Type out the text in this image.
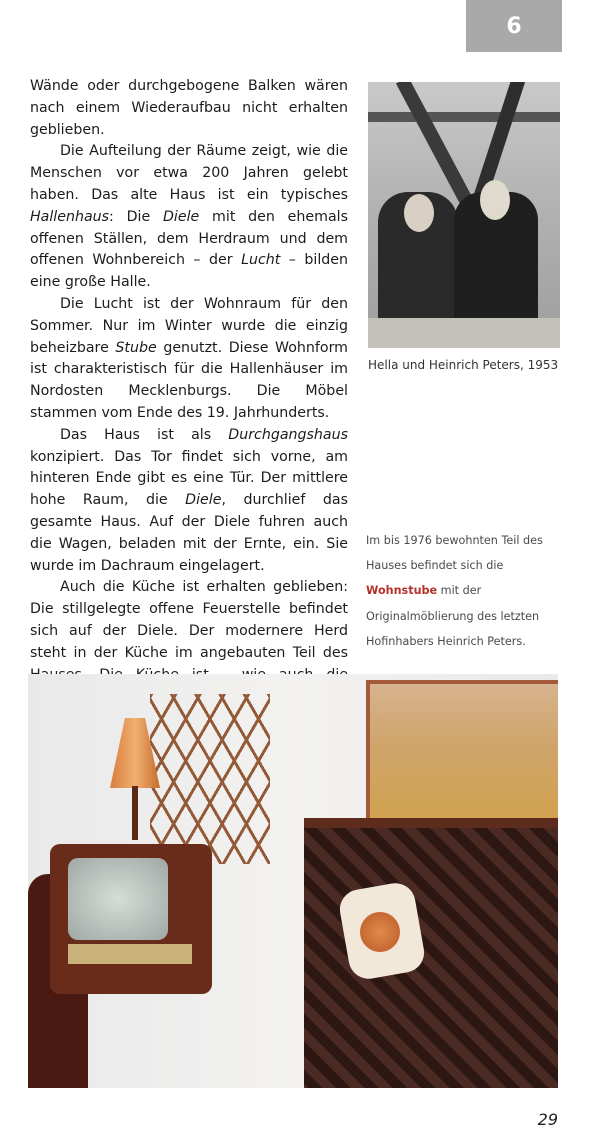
6

Wände oder durchgebogene Balken wären nach einem Wiederaufbau nicht erhalten geblieben.

Die Aufteilung der Räume zeigt, wie die Menschen vor etwa 200 Jahren gelebt haben. Das alte Haus ist ein typisches Hallenhaus: Die Diele mit den ehemals offenen Ställen, dem Herdraum und dem offenen Wohnbereich – der Lucht – bilden eine große Halle.

Die Lucht ist der Wohnraum für den Sommer. Nur im Winter wurde die einzig beheizbare Stube genutzt. Diese Wohnform ist charakteristisch für die Hallenhäuser im Nordosten Mecklenburgs. Die Möbel stammen vom Ende des 19. Jahrhunderts.

Das Haus ist als Durchgangshaus konzipiert. Das Tor findet sich vorne, am hinteren Ende gibt es eine Tür. Der mittlere hohe Raum, die Diele, durchlief das gesamte Haus. Auf der Diele fuhren auch die Wagen, beladen mit der Ernte, ein. Sie wurde im Dachraum eingelagert.

Auch die Küche ist erhalten geblieben: Die stillgelegte offene Feuerstelle befindet sich auf der Diele. Der modernere Herd steht in der Küche im angebauten Teil des

Hella und Heinrich Peters, 1953
Im bis 1976 bewohnten Teil des Hauses befindet sich die Wohnstube mit der Originalmöblierung des letzten Hofinhabers Heinrich Peters.
29
